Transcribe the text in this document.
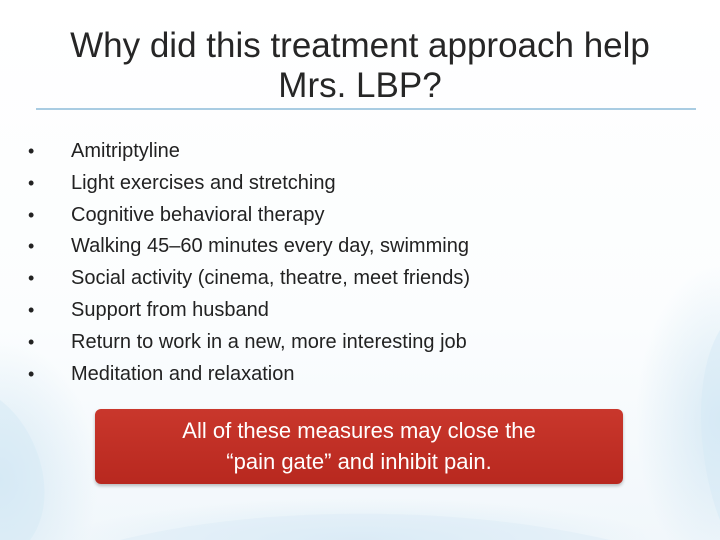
Why did this treatment approach help
Mrs. LBP?
•	Amitriptyline
•	Light exercises and stretching
•	Cognitive behavioral therapy
•	Walking 45–60 minutes every day, swimming
•	Social activity (cinema, theatre, meet friends)
•	Support from husband
•	Return to work in a new, more interesting job
•	Meditation and relaxation
All of these measures may close the
“pain gate” and inhibit pain.
